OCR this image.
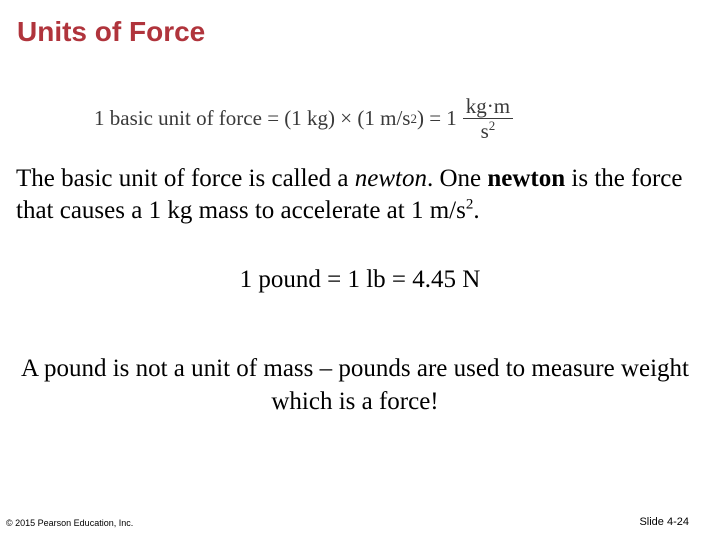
Units of Force
1 basic unit of force = (1 kg) × (1 m/s 2 ) = $1 \frac{kg\cdot m}{s^2}$
The basic unit of force is called a newton. One newton is the force that causes a 1 kg mass to accelerate at 1 $m/s^2$.
1 pound = 1 lb = 4.45 N
A pound is not a unit of mass – pounds are used to measure weight which is a force!
© 2015 Pearson Education, Inc.	Slide 4-24
